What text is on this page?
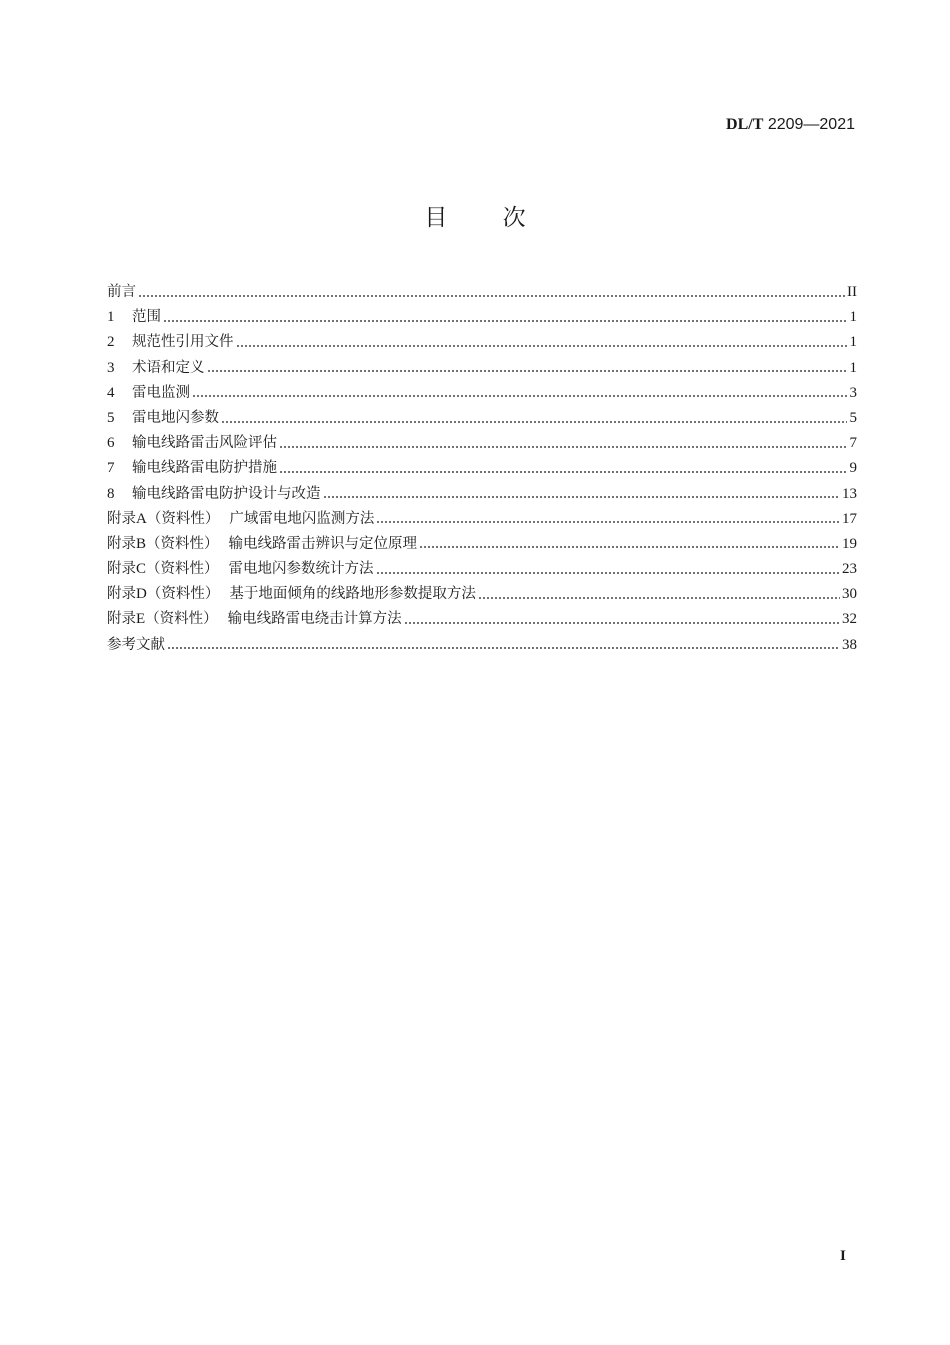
DL/T 2209—2021
目 次
前言	II
1	范围	1
2	规范性引用文件	1
3	术语和定义	1
4	雷电监测	3
5	雷电地闪参数	5
6	输电线路雷击风险评估	7
7	输电线路雷电防护措施	9
8	输电线路雷电防护设计与改造	13
附录A（资料性） 广域雷电地闪监测方法	17
附录B（资料性） 输电线路雷击辨识与定位原理	19
附录C（资料性） 雷电地闪参数统计方法	23
附录D（资料性） 基于地面倾角的线路地形参数提取方法	30
附录E（资料性） 输电线路雷电绕击计算方法	32
参考文献	38
I
